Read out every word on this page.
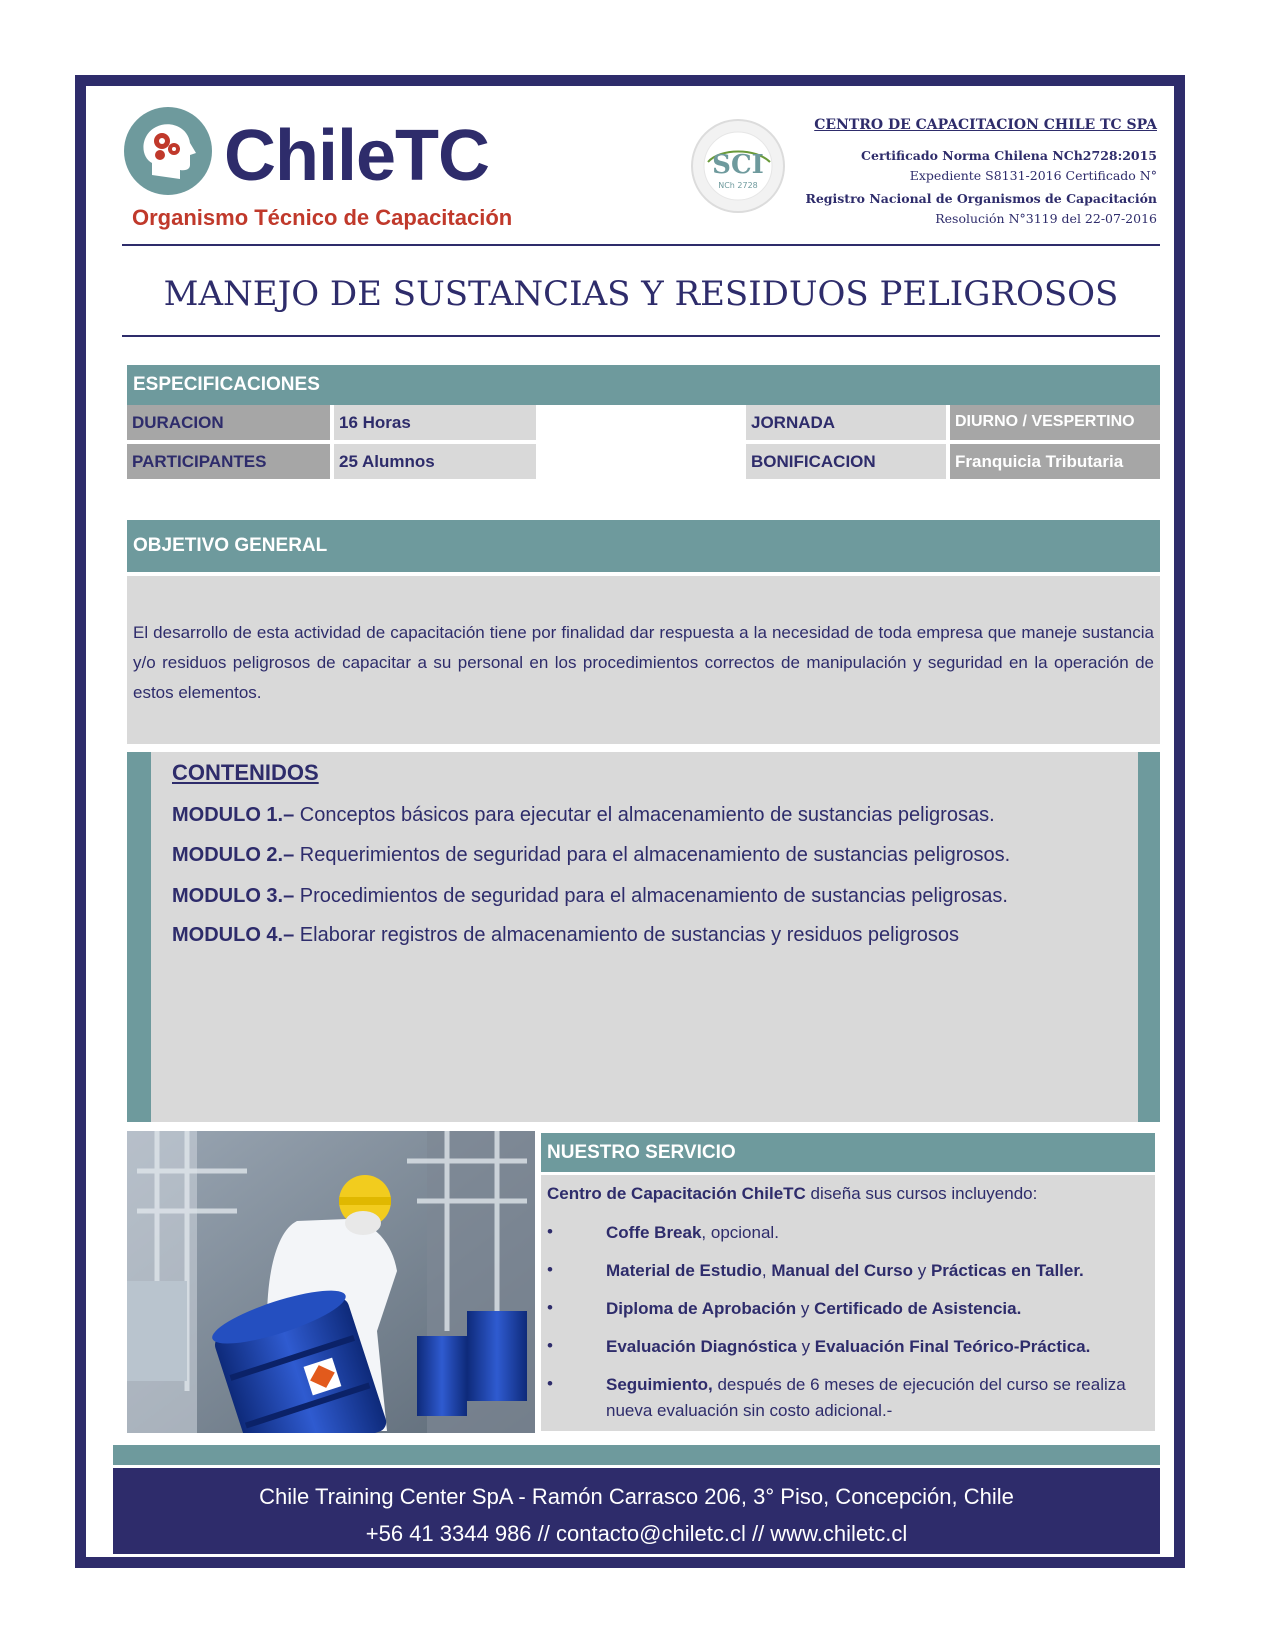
ChileTC
Organismo Técnico de Capacitación
SCI
NCh 2728
CENTRO DE CAPACITACION CHILE TC SPA
Certificado Norma Chilena NCh2728:2015
Expediente S8131-2016 Certificado N°
Registro Nacional de Organismos de Capacitación
Resolución N°3119 del 22-07-2016
MANEJO DE SUSTANCIAS Y RESIDUOS PELIGROSOS
ESPECIFICACIONES
DURACION	16 Horas	JORNADA	DIURNO / VESPERTINO
PARTICIPANTES	25 Alumnos	BONIFICACION	Franquicia Tributaria
OBJETIVO GENERAL
El desarrollo de esta actividad de capacitación tiene por finalidad dar respuesta a la necesidad de toda empresa que maneje sustancia y/o residuos peligrosos de capacitar a su personal en los procedimientos correctos de manipulación y seguridad en la operación de estos elementos.
CONTENIDOS
MODULO 1.– Conceptos básicos para ejecutar el almacenamiento de sustancias peligrosas.
MODULO 2.– Requerimientos de seguridad para el almacenamiento de sustancias peligrosos.
MODULO 3.– Procedimientos de seguridad para el almacenamiento de sustancias peligrosas.
MODULO 4.– Elaborar registros de almacenamiento de sustancias y residuos peligrosos
NUESTRO SERVICIO
Centro de Capacitación ChileTC diseña sus cursos incluyendo:
•	Coffe Break, opcional.
•	Material de Estudio, Manual del Curso y Prácticas en Taller.
•	Diploma de Aprobación y Certificado de Asistencia.
•	Evaluación Diagnóstica y Evaluación Final Teórico-Práctica.
•	Seguimiento, después de 6 meses de ejecución del curso se realiza nueva evaluación sin costo adicional.-
Chile Training Center SpA - Ramón Carrasco 206, 3° Piso, Concepción, Chile
+56 41 3344 986 // contacto@chiletc.cl // www.chiletc.cl
